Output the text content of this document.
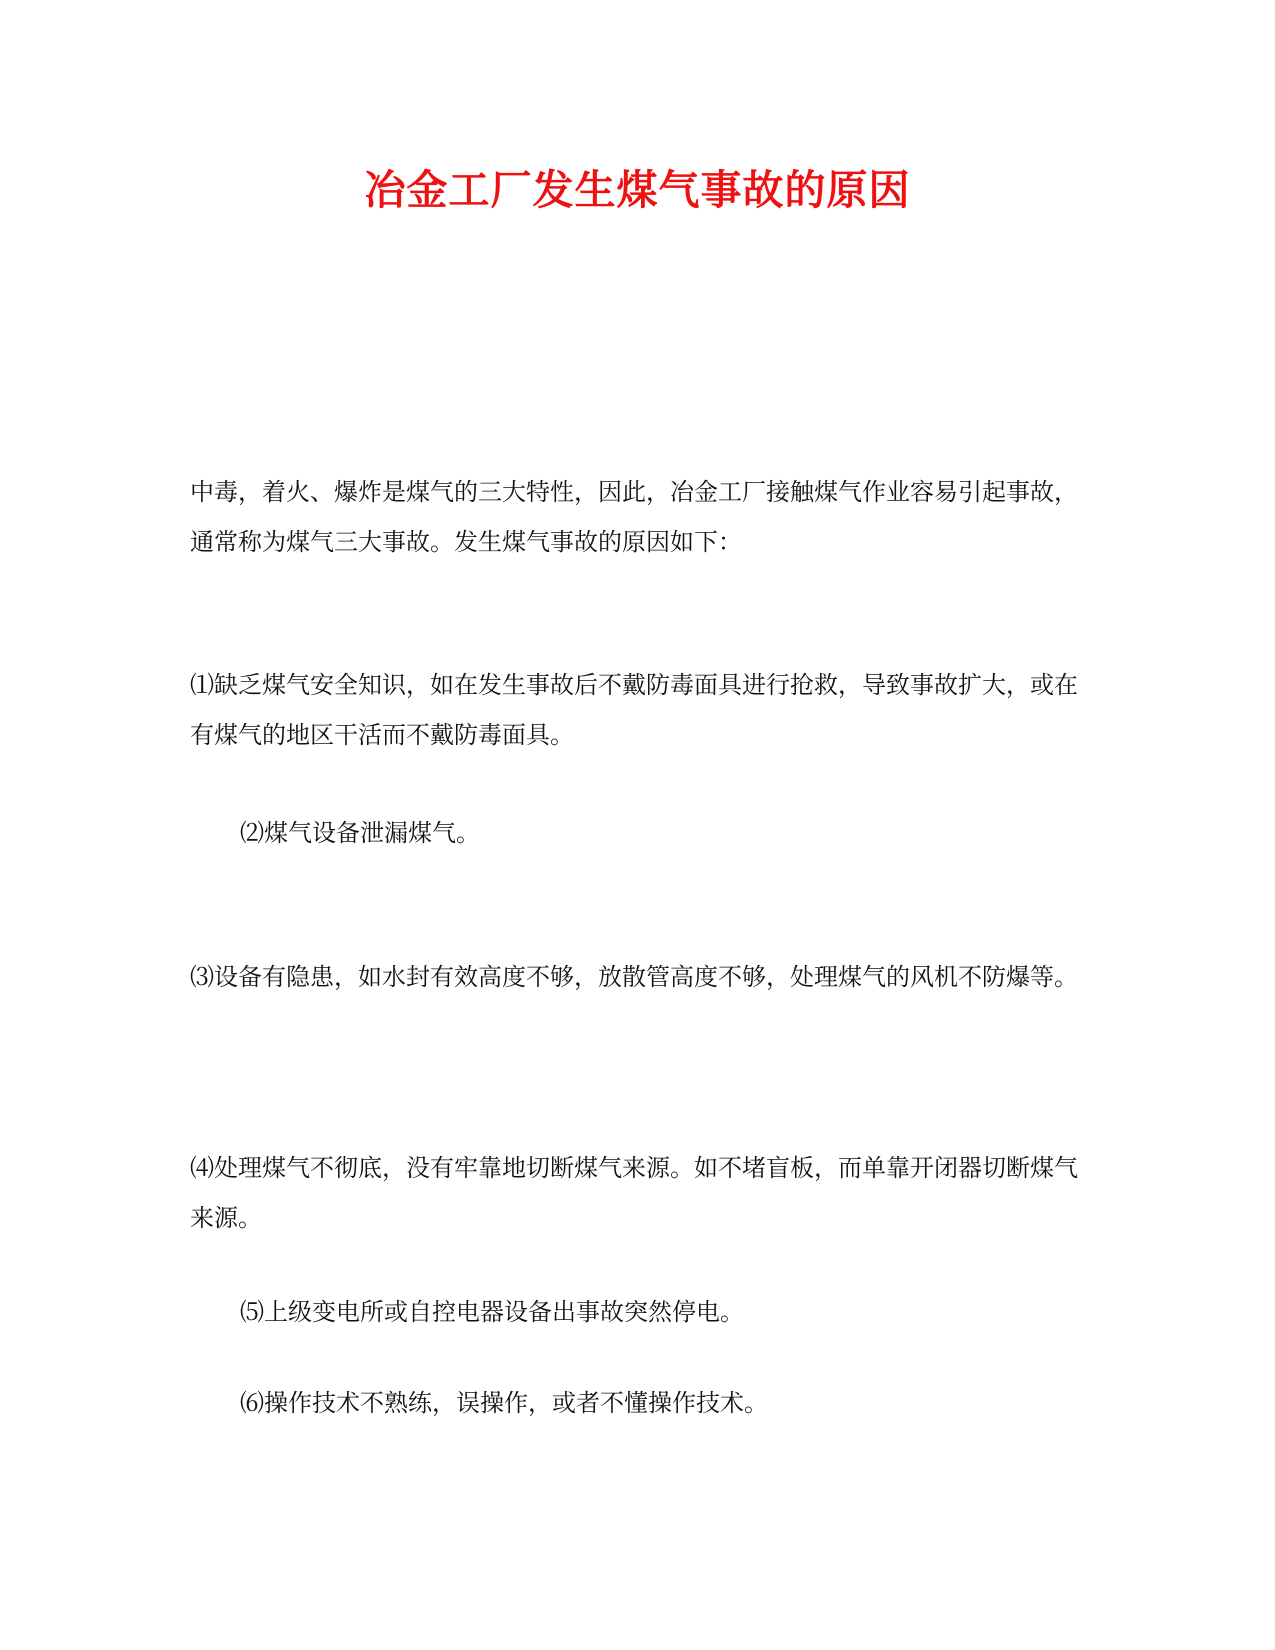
冶金工厂发生煤气事故的原因

中毒，着火、爆炸是煤气的三大特性，因此，冶金工厂接触煤气作业容易引起事故，通常称为煤气三大事故。发生煤气事故的原因如下：

⑴缺乏煤气安全知识，如在发生事故后不戴防毒面具进行抢救，导致事故扩大，或在有煤气的地区干活而不戴防毒面具。

⑵煤气设备泄漏煤气。

⑶设备有隐患，如水封有效高度不够，放散管高度不够，处理煤气的风机不防爆等。

⑷处理煤气不彻底，没有牢靠地切断煤气来源。如不堵盲板，而单靠开闭器切断煤气来源。

⑸上级变电所或自控电器设备出事故突然停电。

⑹操作技术不熟练，误操作，或者不懂操作技术。
